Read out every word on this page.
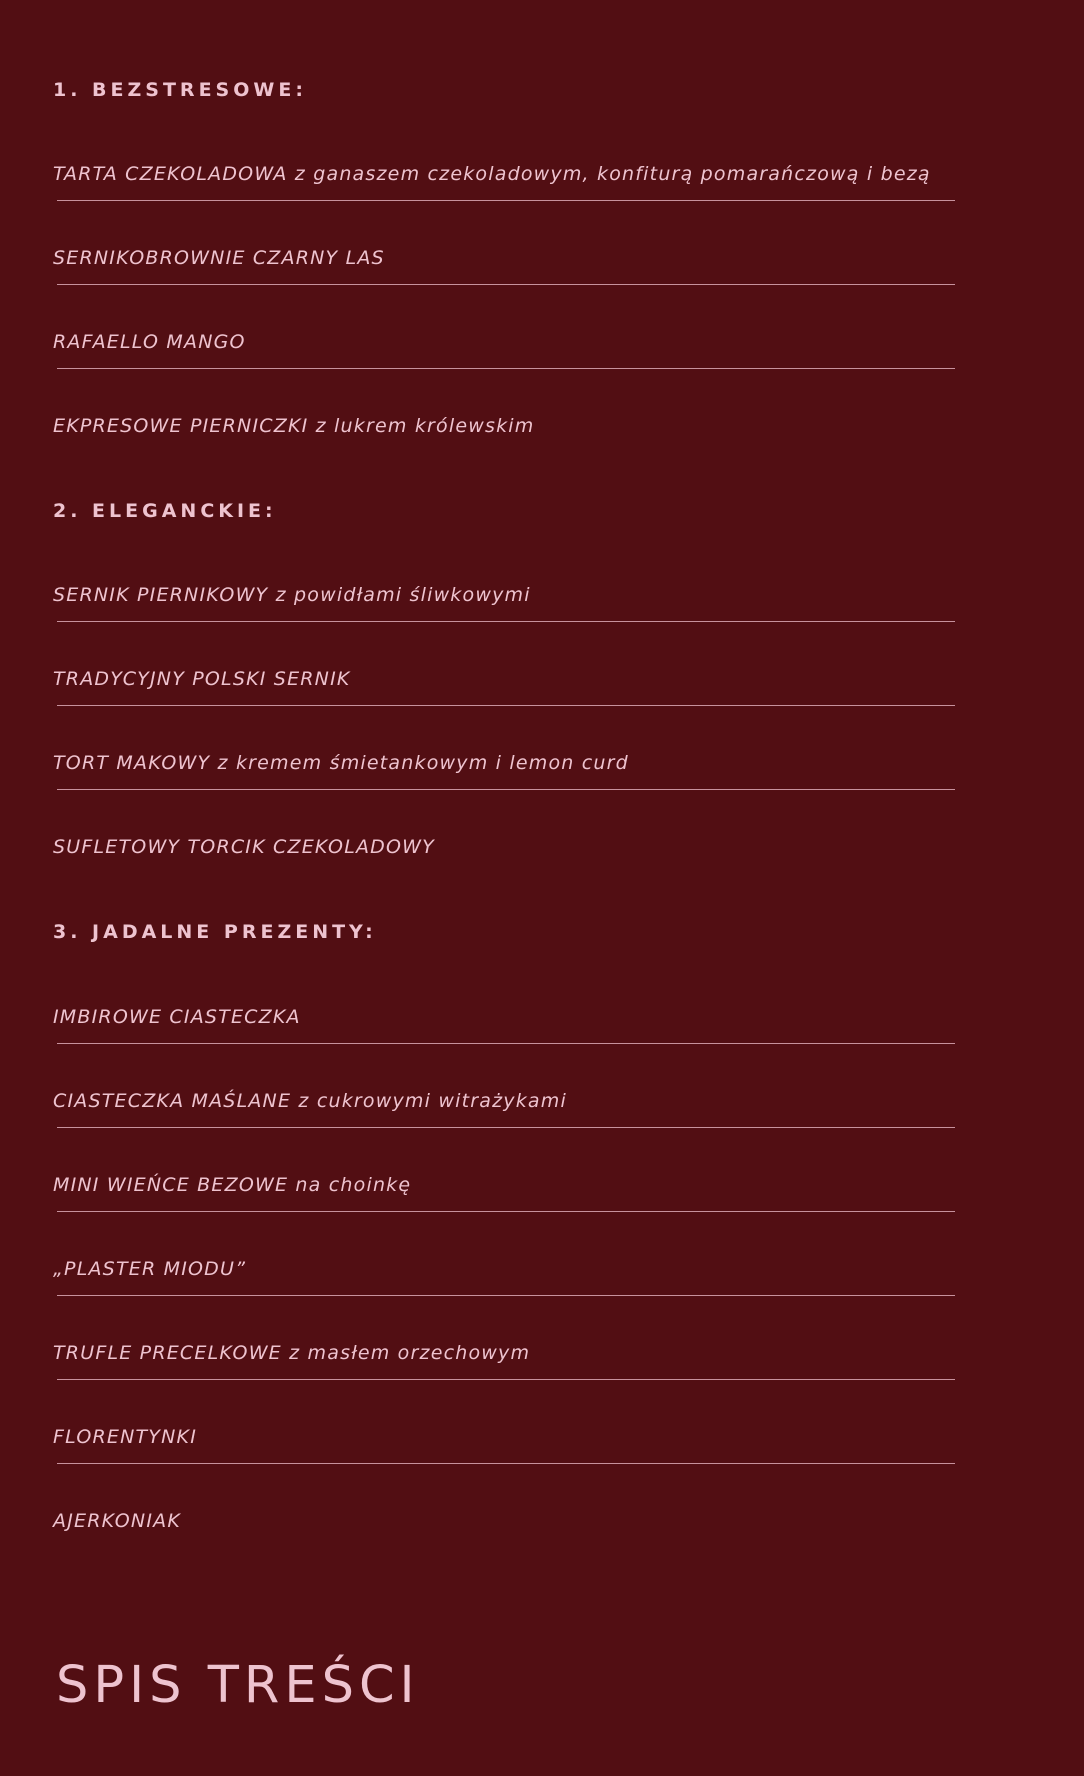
1. BEZSTRESOWE:
TARTA CZEKOLADOWA z ganaszem czekoladowym, konfiturą pomarańczową i bezą
SERNIKOBROWNIE CZARNY LAS
RAFAELLO MANGO
EKPRESOWE PIERNICZKI z lukrem królewskim
2. ELEGANCKIE:
SERNIK PIERNIKOWY z powidłami śliwkowymi
TRADYCYJNY POLSKI SERNIK
TORT MAKOWY z kremem śmietankowym i lemon curd
SUFLETOWY TORCIK CZEKOLADOWY
3. JADALNE PREZENTY:
IMBIROWE CIASTECZKA
CIASTECZKA MAŚLANE z cukrowymi witrażykami
MINI WIEŃCE BEZOWE na choinkę
„PLASTER MIODU”
TRUFLE PRECELKOWE z masłem orzechowym
FLORENTYNKI
AJERKONIAK
SPIS TREŚCI
